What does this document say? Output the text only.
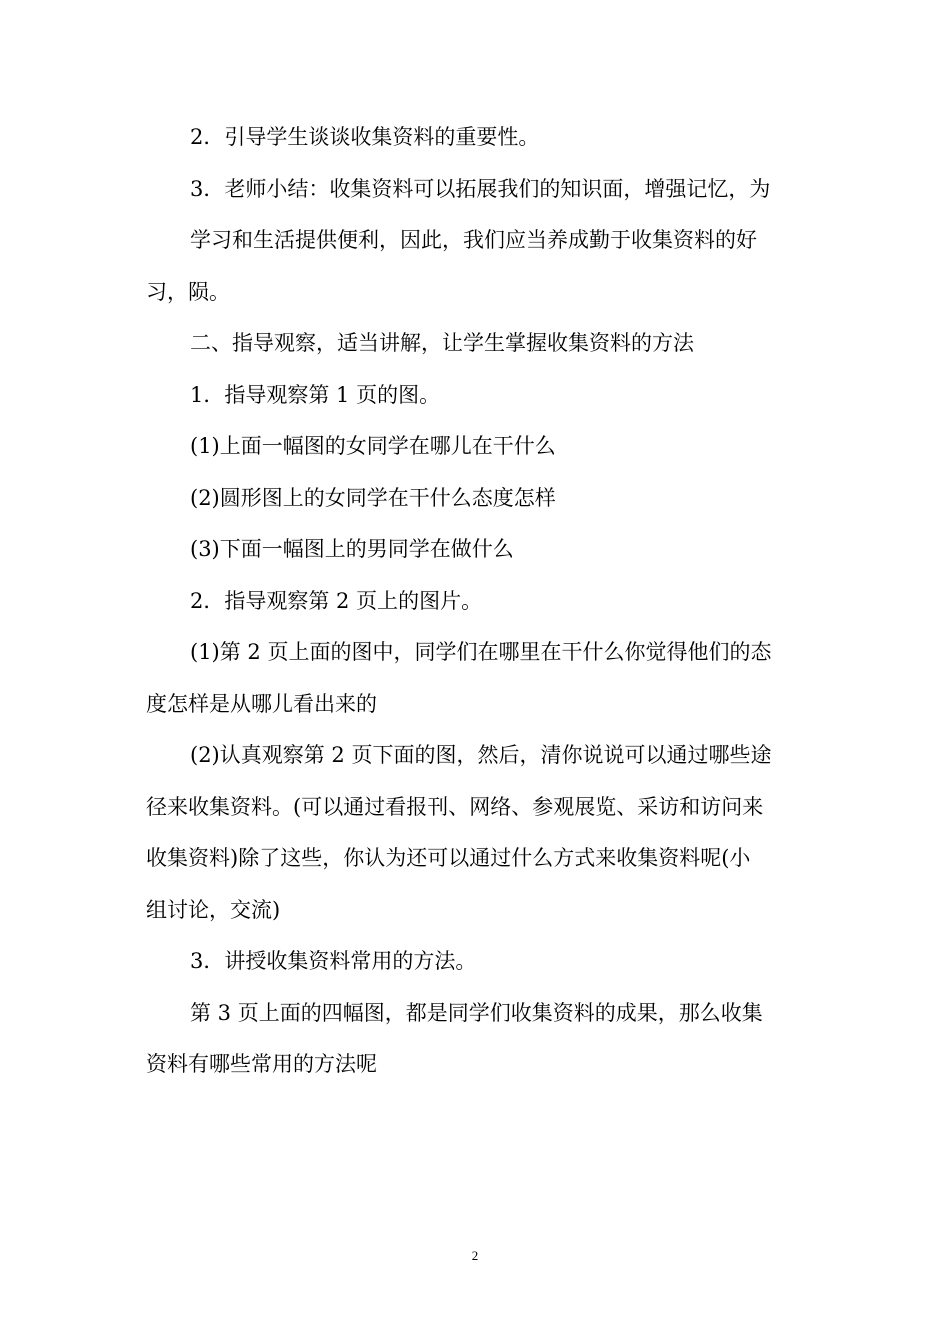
2．引导学生谈谈收集资料的重要性。
3．老师小结：收集资料可以拓展我们的知识面，增强记忆，为
学习和生活提供便利，因此，我们应当养成勤于收集资料的好
习，陨。
二、指导观察，适当讲解，让学生掌握收集资料的方法
1．指导观察第 1 页的图。
(1)上面一幅图的女同学在哪儿在干什么
(2)圆形图上的女同学在干什么态度怎样
(3)下面一幅图上的男同学在做什么
2．指导观察第 2 页上的图片。
(1)第 2 页上面的图中，同学们在哪里在干什么你觉得他们的态
度怎样是从哪儿看出来的
(2)认真观察第 2 页下面的图，然后，清你说说可以通过哪些途
径来收集资料。(可以通过看报刊、网络、参观展览、采访和访问来
收集资料)除了这些，你认为还可以通过什么方式来收集资料呢(小
组讨论，交流)
3．讲授收集资料常用的方法。
第 3 页上面的四幅图，都是同学们收集资料的成果，那么收集
资料有哪些常用的方法呢
2
